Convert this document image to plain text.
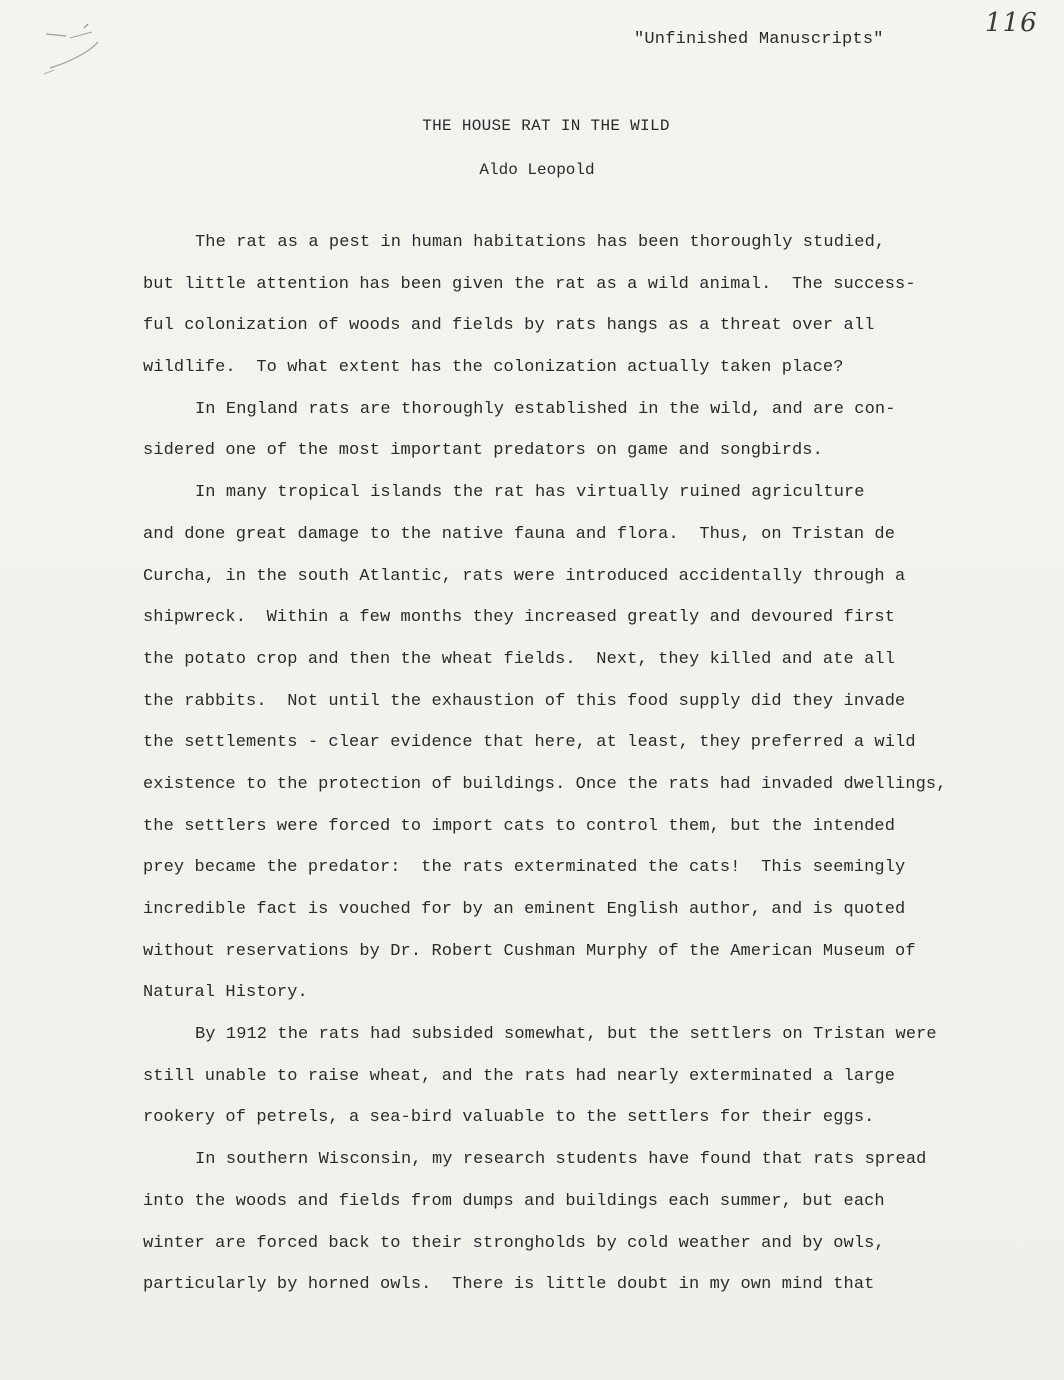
116
"Unfinished Manuscripts"
THE HOUSE RAT IN THE WILD
Aldo Leopold
The rat as a pest in human habitations has been thoroughly studied,
but little attention has been given the rat as a wild animal.  The success-
ful colonization of woods and fields by rats hangs as a threat over all
wildlife.  To what extent has the colonization actually taken place?
In England rats are thoroughly established in the wild, and are con-
sidered one of the most important predators on game and songbirds.
In many tropical islands the rat has virtually ruined agriculture
and done great damage to the native fauna and flora.  Thus, on Tristan de
Curcha, in the south Atlantic, rats were introduced accidentally through a
shipwreck.  Within a few months they increased greatly and devoured first
the potato crop and then the wheat fields.  Next, they killed and ate all
the rabbits.  Not until the exhaustion of this food supply did they invade
the settlements - clear evidence that here, at least, they preferred a wild
existence to the protection of buildings. Once the rats had invaded dwellings,
the settlers were forced to import cats to control them, but the intended
prey became the predator:  the rats exterminated the cats!  This seemingly
incredible fact is vouched for by an eminent English author, and is quoted
without reservations by Dr. Robert Cushman Murphy of the American Museum of
Natural History.
By 1912 the rats had subsided somewhat, but the settlers on Tristan were
still unable to raise wheat, and the rats had nearly exterminated a large
rookery of petrels, a sea-bird valuable to the settlers for their eggs.
In southern Wisconsin, my research students have found that rats spread
into the woods and fields from dumps and buildings each summer, but each
winter are forced back to their strongholds by cold weather and by owls,
particularly by horned owls.  There is little doubt in my own mind that
